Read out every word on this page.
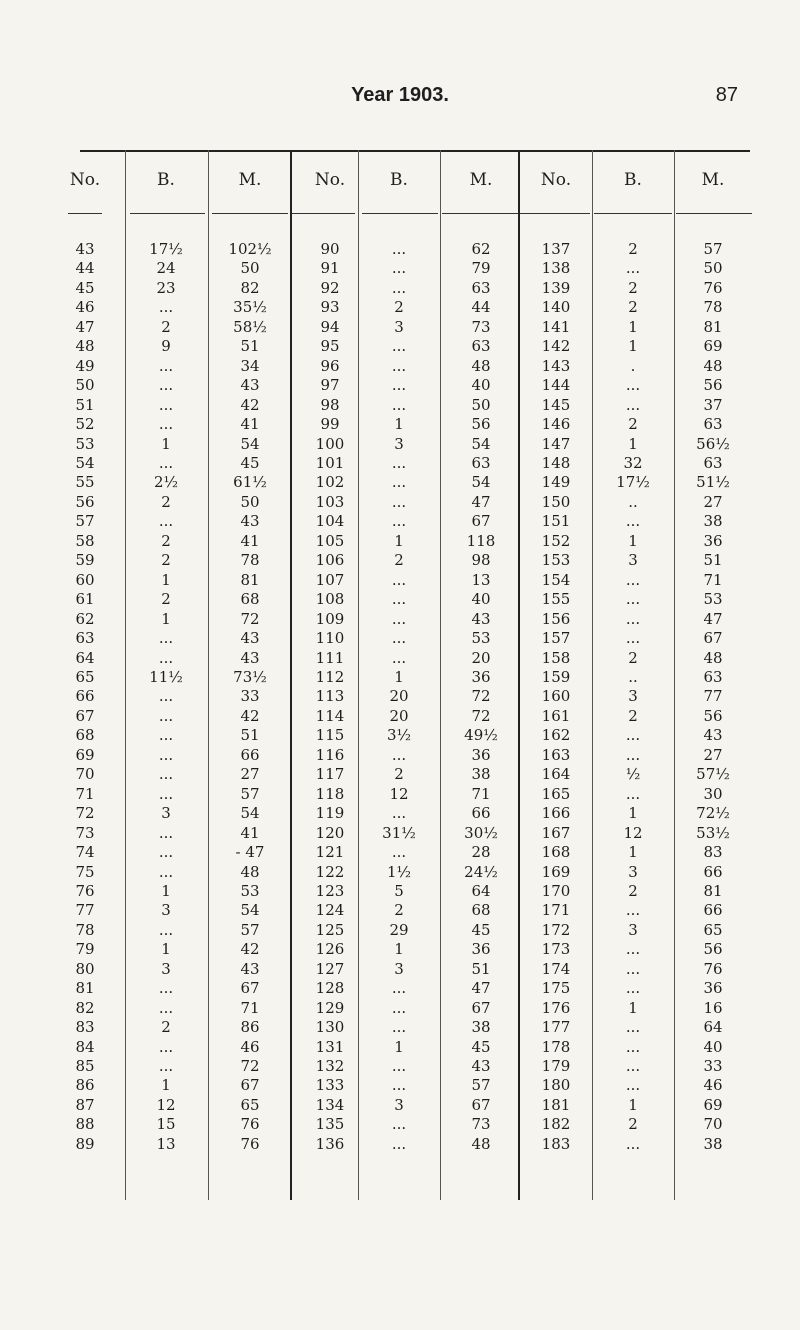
Year 1903.	87
No.	B.	M.	No.	B.	M.	No.	B.	M.
43	17½	102½	90	...	62	137	2	57
44	24	50	91	...	79	138	...	50
45	23	82	92	...	63	139	2	76
46	...	35½	93	2	44	140	2	78
47	2	58½	94	3	73	141	1	81
48	9	51	95	...	63	142	1	69
49	...	34	96	...	48	143	.	48
50	...	43	97	...	40	144	...	56
51	...	42	98	...	50	145	...	37
52	...	41	99	1	56	146	2	63
53	1	54	100	3	54	147	1	56½
54	...	45	101	...	63	148	32	63
55	2½	61½	102	...	54	149	17½	51½
56	2	50	103	...	47	150	..	27
57	...	43	104	...	67	151	...	38
58	2	41	105	1	118	152	1	36
59	2	78	106	2	98	153	3	51
60	1	81	107	...	13	154	...	71
61	2	68	108	...	40	155	...	53
62	1	72	109	...	43	156	...	47
63	...	43	110	...	53	157	...	67
64	...	43	111	...	20	158	2	48
65	11½	73½	112	1	36	159	..	63
66	...	33	113	20	72	160	3	77
67	...	42	114	20	72	161	2	56
68	...	51	115	3½	49½	162	...	43
69	...	66	116	...	36	163	...	27
70	...	27	117	2	38	164	½	57½
71	...	57	118	12	71	165	...	30
72	3	54	119	...	66	166	1	72½
73	...	41	120	31½	30½	167	12	53½
74	...	- 47	121	...	28	168	1	83
75	...	48	122	1½	24½	169	3	66
76	1	53	123	5	64	170	2	81
77	3	54	124	2	68	171	...	66
78	...	57	125	29	45	172	3	65
79	1	42	126	1	36	173	...	56
80	3	43	127	3	51	174	...	76
81	...	67	128	...	47	175	...	36
82	...	71	129	...	67	176	1	16
83	2	86	130	...	38	177	...	64
84	...	46	131	1	45	178	...	40
85	...	72	132	...	43	179	...	33
86	1	67	133	...	57	180	...	46
87	12	65	134	3	67	181	1	69
88	15	76	135	...	73	182	2	70
89	13	76	136	...	48	183	...	38
